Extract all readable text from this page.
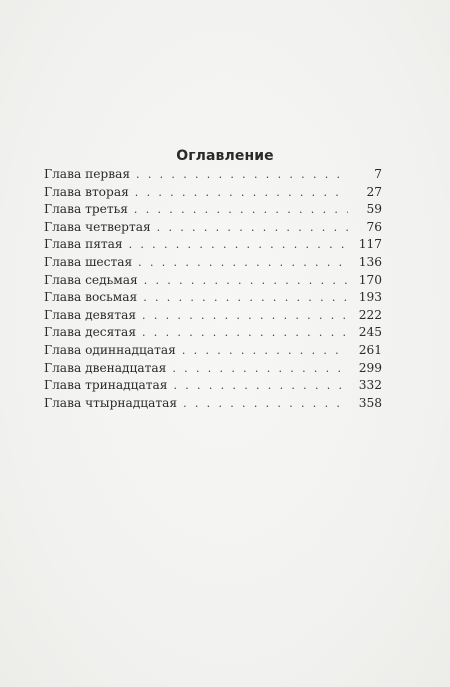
Оглавление
Глава первая . . .	7
Глава вторая . . .	27
Глава третья . . .	59
Глава четвертая . . .	76
Глава пятая . . .	117
Глава шестая . . .	136
Глава седьмая . . .	170
Глава восьмая . . .	193
Глава девятая . . .	222
Глава десятая . . .	245
Глава одиннадцатая . . .	261
Глава двенадцатая . . .	299
Глава тринадцатая . . .	332
Глава чтырнадцатая . . .	358
